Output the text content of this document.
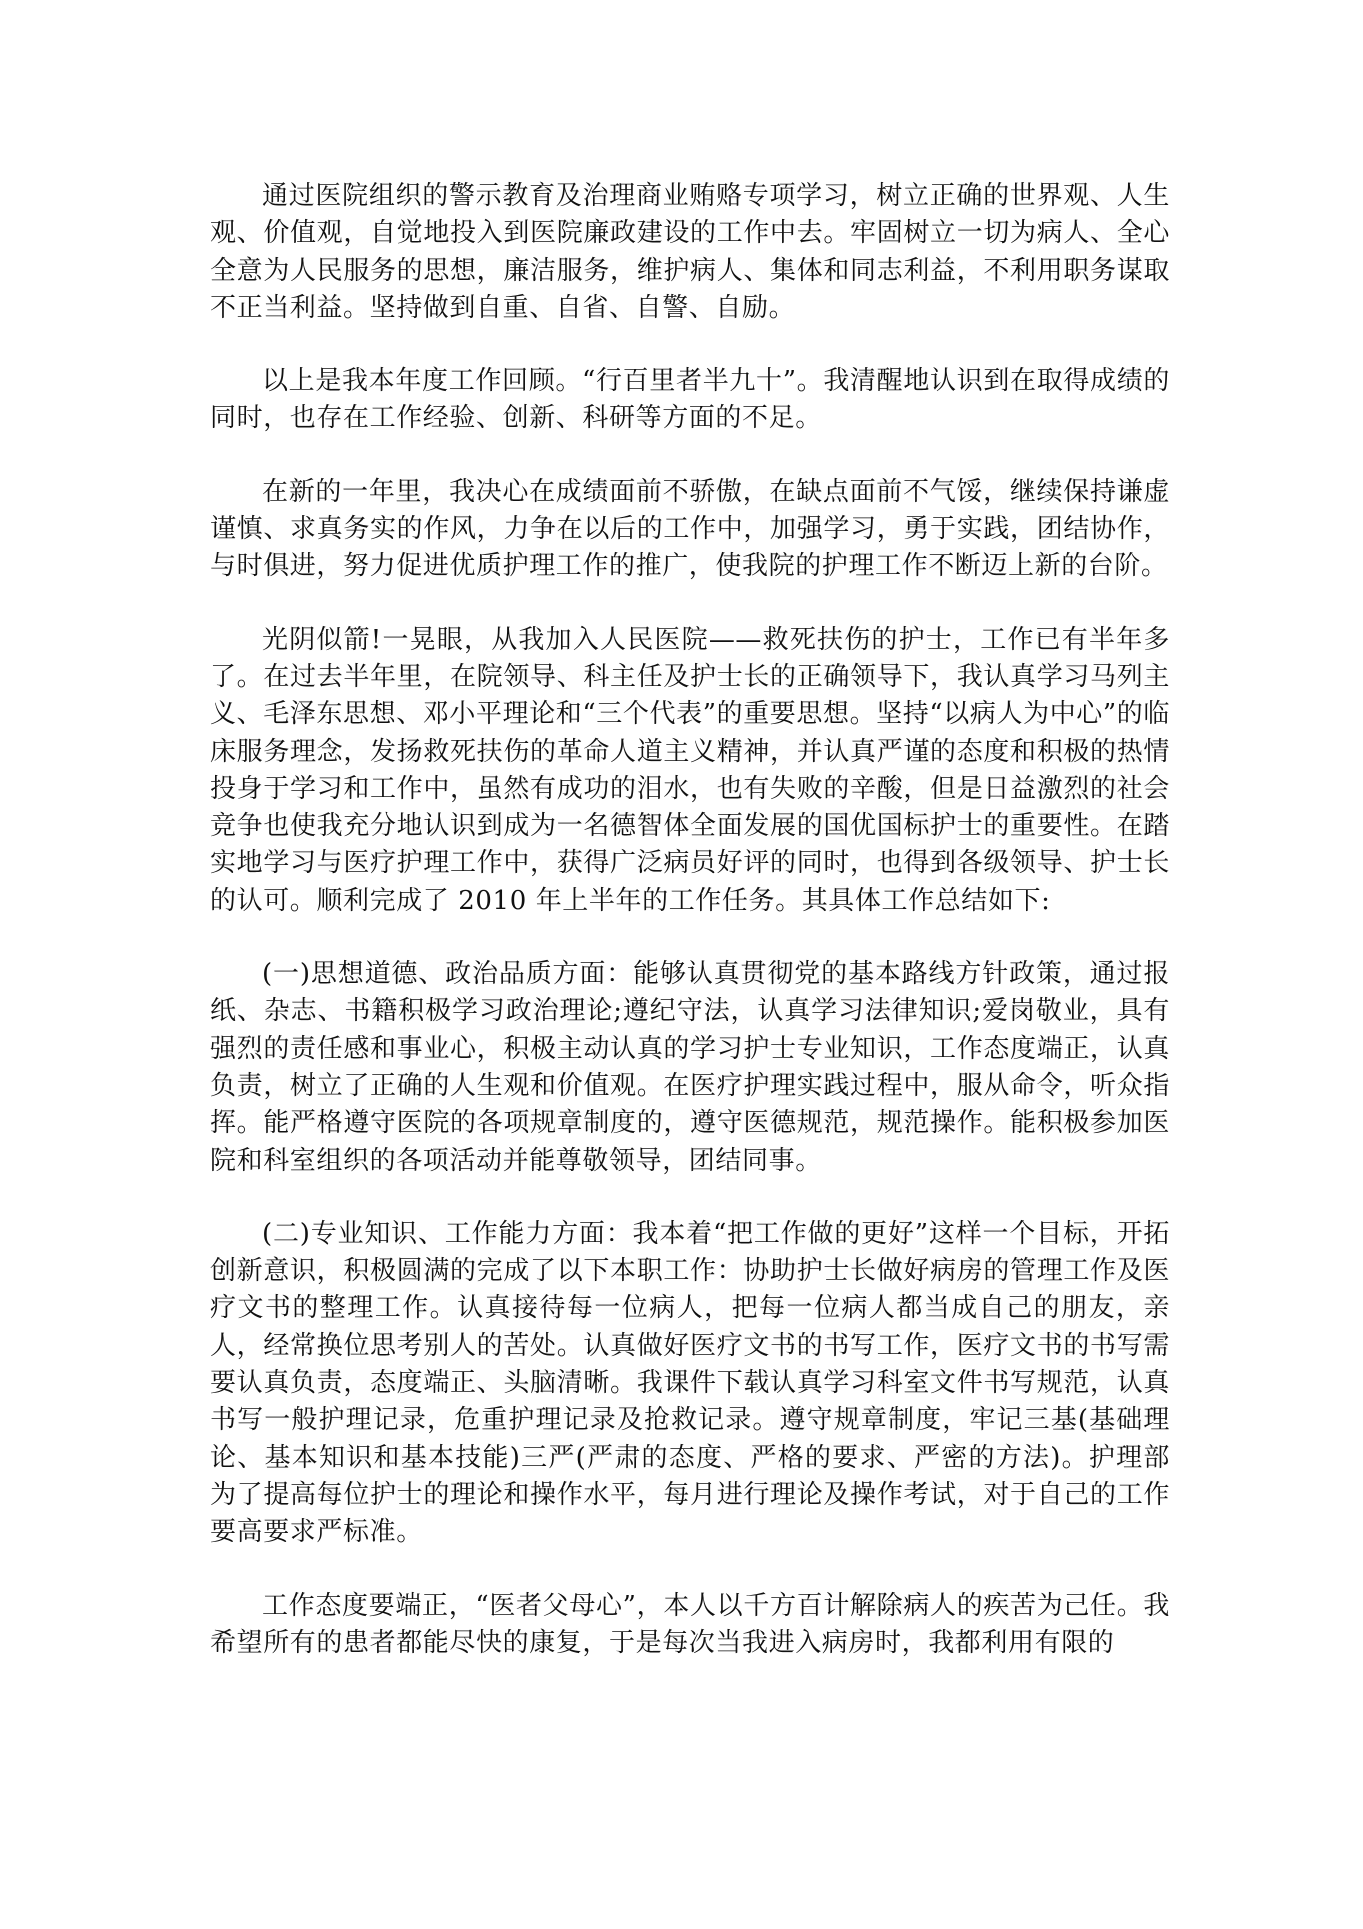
通过医院组织的警示教育及治理商业贿赂专项学习，树立正确的世界观、人生观、价值观，自觉地投入到医院廉政建设的工作中去。牢固树立一切为病人、全心全意为人民服务的思想，廉洁服务，维护病人、集体和同志利益，不利用职务谋取不正当利益。坚持做到自重、自省、自警、自励。

以上是我本年度工作回顾。“行百里者半九十”。我清醒地认识到在取得成绩的同时，也存在工作经验、创新、科研等方面的不足。

在新的一年里，我决心在成绩面前不骄傲，在缺点面前不气馁，继续保持谦虚谨慎、求真务实的作风，力争在以后的工作中，加强学习，勇于实践，团结协作，与时俱进，努力促进优质护理工作的推广，使我院的护理工作不断迈上新的台阶。

光阴似箭!一晃眼，从我加入人民医院——救死扶伤的护士，工作已有半年多了。在过去半年里，在院领导、科主任及护士长的正确领导下，我认真学习马列主义、毛泽东思想、邓小平理论和“三个代表”的重要思想。坚持“以病人为中心”的临床服务理念，发扬救死扶伤的革命人道主义精神，并认真严谨的态度和积极的热情投身于学习和工作中，虽然有成功的泪水，也有失败的辛酸，但是日益激烈的社会竞争也使我充分地认识到成为一名德智体全面发展的国优国标护士的重要性。在踏实地学习与医疗护理工作中，获得广泛病员好评的同时，也得到各级领导、护士长的认可。顺利完成了 2010 年上半年的工作任务。其具体工作总结如下:

(一)思想道德、政治品质方面：能够认真贯彻党的基本路线方针政策，通过报纸、杂志、书籍积极学习政治理论;遵纪守法，认真学习法律知识;爱岗敬业，具有强烈的责任感和事业心，积极主动认真的学习护士专业知识，工作态度端正，认真负责，树立了正确的人生观和价值观。在医疗护理实践过程中，服从命令，听众指挥。能严格遵守医院的各项规章制度的，遵守医德规范，规范操作。能积极参加医院和科室组织的各项活动并能尊敬领导，团结同事。

(二)专业知识、工作能力方面：我本着“把工作做的更好”这样一个目标，开拓创新意识，积极圆满的完成了以下本职工作：协助护士长做好病房的管理工作及医疗文书的整理工作。认真接待每一位病人，把每一位病人都当成自己的朋友，亲人，经常换位思考别人的苦处。认真做好医疗文书的书写工作，医疗文书的书写需要认真负责，态度端正、头脑清晰。我课件下载认真学习科室文件书写规范，认真书写一般护理记录，危重护理记录及抢救记录。遵守规章制度，牢记三基(基础理论、基本知识和基本技能)三严(严肃的态度、严格的要求、严密的方法)。护理部为了提高每位护士的理论和操作水平，每月进行理论及操作考试，对于自己的工作要高要求严标准。

工作态度要端正，“医者父母心”，本人以千方百计解除病人的疾苦为己任。我希望所有的患者都能尽快的康复，于是每次当我进入病房时，我都利用有限的
